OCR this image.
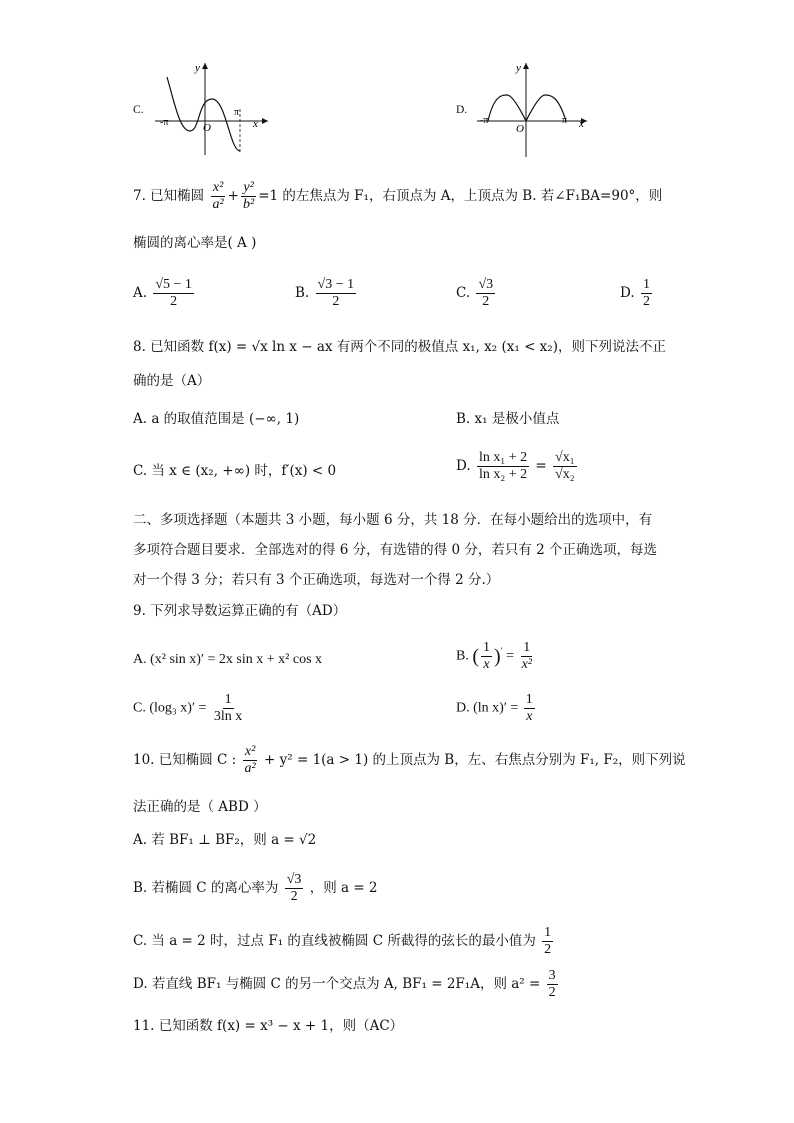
C.
y
x
O
-π
π	D.
y
x
O
-π	π
7. 已知椭圆 $\frac{\text{x²}}{\text{a²}} + \frac{\text{y²}}{\text{b²}} =1$ 的左焦点为 F₁，右顶点为 A，上顶点为 B. 若∠F₁BA=90°，则
椭圆的离心率是( A )
A. $\frac{√5 - 1}{2}$	B. $\frac{√3 - 1}{2}$	C. $\frac{√3}{2}$	D. $\frac{1}{2}$
8. 已知函数 f(x) = √x ln x − ax 有两个不同的极值点 x₁, x₂ (x₁ < x₂)，则下列说法不正
确的是（A）
A. a 的取值范围是 (−∞, 1)	B. x₁ 是极小值点
C. 当 x ∈ (x₂, +∞) 时，f′(x) < 0	D. $\frac{\text{ln x₁ + 2}}{\text{ln x₂ + 2}} = \frac{\text{√x₁}}{\text{√x₂}}$
二、多项选择题（本题共 3 小题，每小题 6 分，共 18 分．在每小题给出的选项中，有
多项符合题目要求．全部选对的得 6 分，有选错的得 0 分，若只有 2 个正确选项，每选
对一个得 3 分；若只有 3 个正确选项，每选对一个得 2 分.）
9. 下列求导数运算正确的有（AD）
A. (x² sin x)′ = 2x sin x + x² cos x	B. ( $\frac{1}{x} )' = \frac{1}{\text{x²}}$
C. (log₃ $x)' = \frac{1}{\text{3ln x}}$	D. (ln $x)' = \frac{1}{x}$
10. 已知椭圆 C : $\frac{\text{x²}}{\text{a²}} + y^2 = 1(a > 1)$ 的上顶点为 B，左、右焦点分别为 F₁, F₂，则下列说
法正确的是（ ABD ）
A. 若 BF₁ ⊥ BF₂，则 a = √2
B. 若椭圆 C 的离心率为 $\frac{√3}{2}$ ，则 a = 2
C. 当 a = 2 时，过点 F₁ 的直线被椭圆 C 所截得的弦长的最小值为 $\frac{1}{2}$
D. 若直线 BF₁ 与椭圆 C 的另一个交点为 A, BF₁ = 2F₁A，则 $a^2 = \frac{3}{2}$
11. 已知函数 f(x) = x³ − x + 1，则（AC）
